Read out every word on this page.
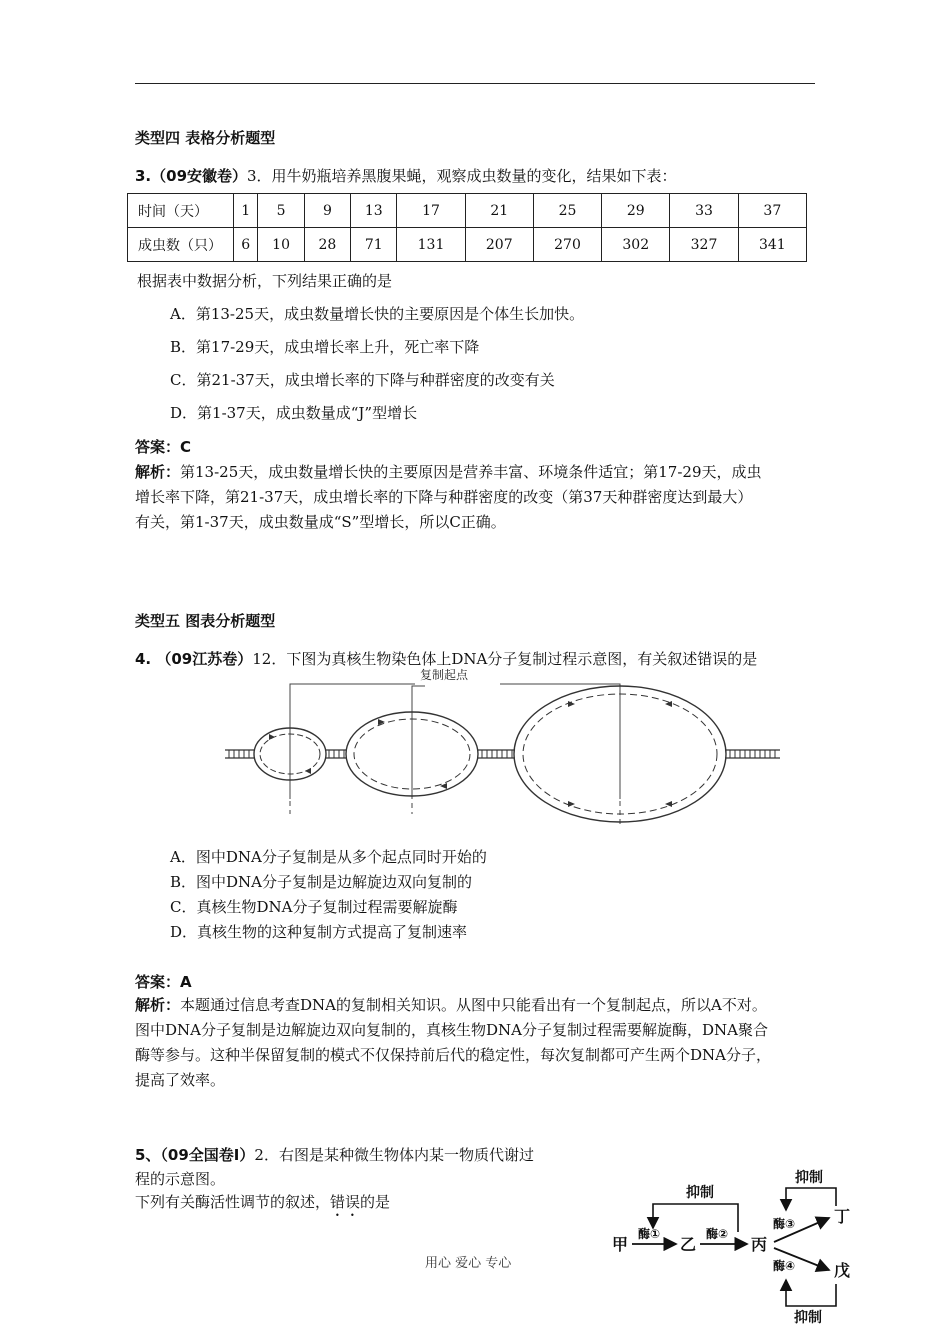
类型四 表格分析题型
3.（09安徽卷）3．用牛奶瓶培养黑腹果蝇，观察成虫数量的变化，结果如下表：
时间（天）	1	5	9	13	17	21	25	29	33	37
成虫数（只）	6	10	28	71	131	207	270	302	327	341
根据表中数据分析，下列结果正确的是
A．第13-25天，成虫数量增长快的主要原因是个体生长加快。
B．第17-29天，成虫增长率上升，死亡率下降
C．第21-37天，成虫增长率的下降与种群密度的改变有关
D．第1-37天，成虫数量成“J”型增长
答案：C
解析：第13-25天，成虫数量增长快的主要原因是营养丰富、环境条件适宜；第17-29天，成虫
增长率下降，第21-37天，成虫增长率的下降与种群密度的改变（第37天种群密度达到最大）
有关，第1-37天，成虫数量成“S”型增长，所以C正确。
类型五 图表分析题型
4. （09江苏卷）12．下图为真核生物染色体上DNA分子复制过程示意图，有关叙述错误的是
复制起点
A．图中DNA分子复制是从多个起点同时开始的
B．图中DNA分子复制是边解旋边双向复制的
C．真核生物DNA分子复制过程需要解旋酶
D．真核生物的这种复制方式提高了复制速率
答案：A
解析：本题通过信息考查DNA的复制相关知识。从图中只能看出有一个复制起点，所以A不对。
图中DNA分子复制是边解旋边双向复制的，真核生物DNA分子复制过程需要解旋酶，DNA聚合
酶等参与。这种半保留复制的模式不仅保持前后代的稳定性，每次复制都可产生两个DNA分子，
提高了效率。
5、（09全国卷Ⅰ）2．右图是某种微生物体内某一物质代谢过
程的示意图。
下列有关酶活性调节的叙述，错误的是
用心 爱心 专心
抑制
抑制
抑制
甲	乙	丙
丁
戊
酶①	酶②
酶③
酶④
